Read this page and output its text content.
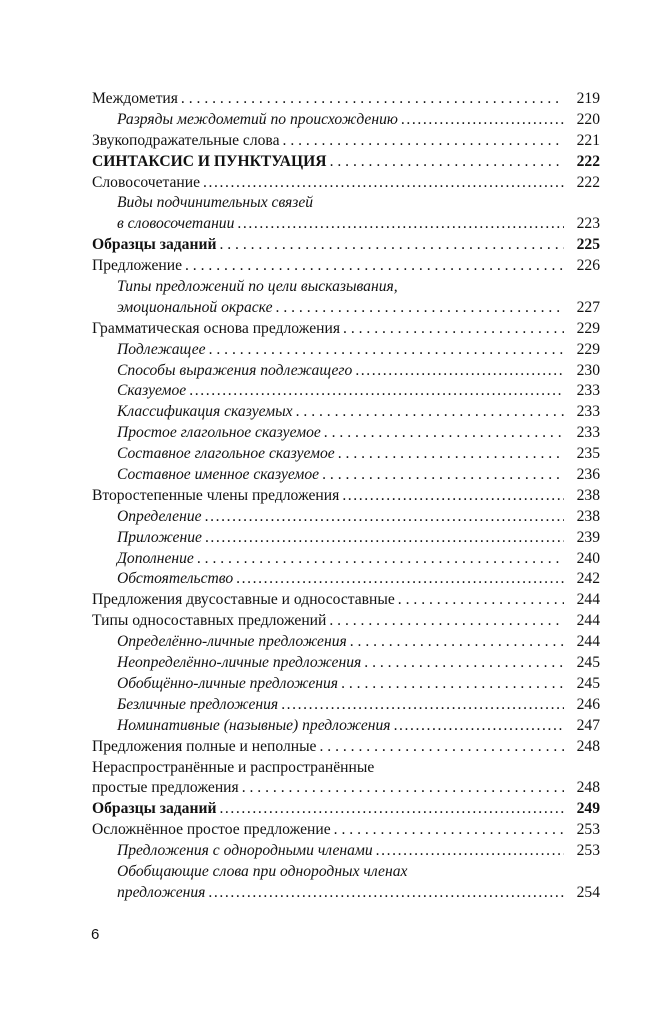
Междометия . . .	219
Разряды междометий по происхождению .....	220
Звукоподражательные слова . . .	221
СИНТАКСИС И ПУНКТУАЦИЯ . . .	222
Словосочетание .....	222
Виды подчинительных связей
в словосочетании .....	223
Образцы заданий . . .	225
Предложение . . .	226
Типы предложений по цели высказывания,
эмоциональной окраске . . .	227
Грамматическая основа предложения . . .	229
Подлежащее . . .	229
Способы выражения подлежащего .....	230
Сказуемое .....	233
Классификация сказуемых . . .	233
Простое глагольное сказуемое . . .	233
Составное глагольное сказуемое . . .	235
Составное именное сказуемое . . .	236
Второстепенные члены предложения .....	238
Определение .....	238
Приложение .....	239
Дополнение . . .	240
Обстоятельство .....	242
Предложения двусоставные и односоставные . . .	244
Типы односоставных предложений . . .	244
Определённо-личные предложения . . .	244
Неопределённо-личные предложения . . .	245
Обобщённо-личные предложения . . .	245
Безличные предложения .....	246
Номинативные (назывные) предложения .....	247
Предложения полные и неполные . . .	248
Нераспространённые и распространённые
простые предложения . . .	248
Образцы заданий .....	249
Осложнённое простое предложение . . .	253
Предложения с однородными членами .....	253
Обобщающие слова при однородных членах
предложения .....	254
6
